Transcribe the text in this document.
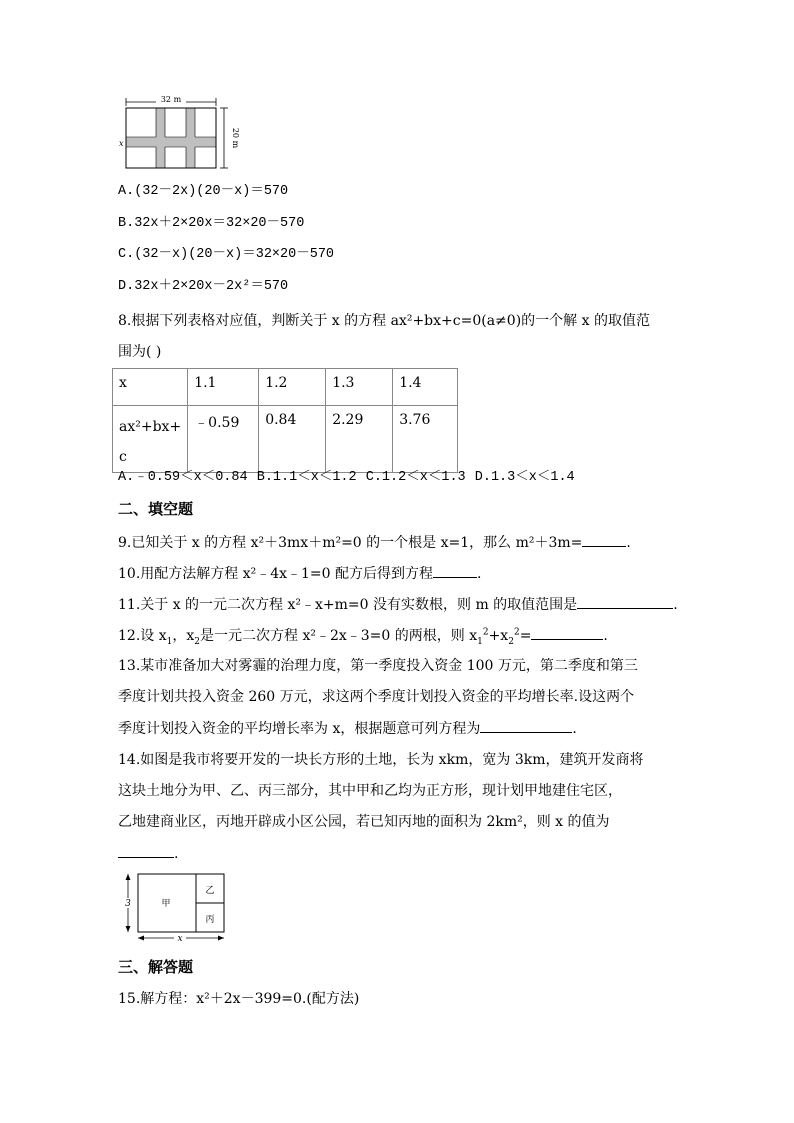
32 m
x	20 m
A.(32－2x)(20－x)＝570
B.32x＋2×20x＝32×20－570
C.(32－x)(20－x)＝32×20－570
D.32x＋2×20x－2x²＝570
8.根据下列表格对应值，判断关于 x 的方程 ax²+bx+c=0(a≠0)的一个解 x 的取值范
围为( )
x	1.1	1.2	1.3	1.4
ax²+bx+
c	﹣0.59	0.84	2.29	3.76
A.﹣0.59＜x＜0.84 B.1.1＜x＜1.2 C.1.2＜x＜1.3 D.1.3＜x＜1.4
二、填空题
9.已知关于 x 的方程 x²＋3mx＋m²=0 的一个根是 x=1，那么 m²＋3m=	.
10.用配方法解方程 x²﹣4x﹣1=0 配方后得到方程	.
11.关于 x 的一元二次方程 x²﹣x+m=0 没有实数根，则 m 的取值范围是	.
12.设 $x_1$，$x_2$是一元二次方程 x²﹣2x﹣3=0 的两根，则 $x_1^2+x_2^2=$	.
13.某市准备加大对雾霾的治理力度，第一季度投入资金 100 万元，第二季度和第三
季度计划共投入资金 260 万元，求这两个季度计划投入资金的平均增长率.设这两个
季度计划投入资金的平均增长率为 x，根据题意可列方程为	.
14.如图是我市将要开发的一块长方形的土地，长为 xkm，宽为 3km，建筑开发商将
这块土地分为甲、乙、丙三部分，其中甲和乙均为正方形，现计划甲地建住宅区，
乙地建商业区，丙地开辟成小区公园，若已知丙地的面积为 2km²，则 x 的值为
.
甲
乙
丙
3
x
三、解答题
15.解方程：x²＋2x－399=0.(配方法)
